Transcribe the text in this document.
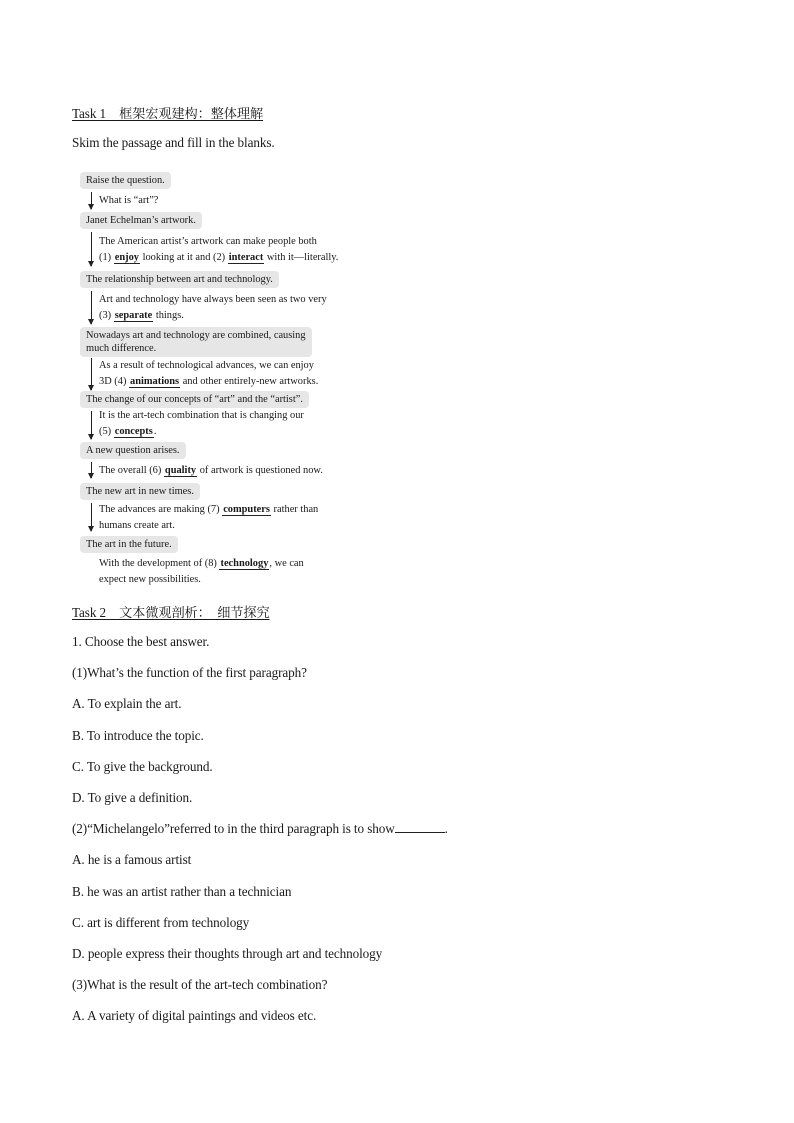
Task 1　框架宏观建构：整体理解
Skim the passage and fill in the blanks.
Raise the question.
What is “art”?
Janet Echelman’s artwork.
The American artist’s artwork can make people both
(1) enjoy looking at it and (2) interact with it—literally.
The relationship between art and technology.
Art and technology have always been seen as two very
(3) separate things.
Nowadays art and technology are combined, causing
much difference.
As a result of technological advances, we can enjoy
3D (4) animations and other entirely-new artworks.
The change of our concepts of “art” and the “artist”.
It is the art-tech combination that is changing our
(5) concepts.
A new question arises.
The overall (6) quality of artwork is questioned now.
The new art in new times.
The advances are making (7) computers rather than
humans create art.
The art in the future.
With the development of (8) technology, we can
expect new possibilities.
Task 2　文本微观剖析：　细节探究
1. Choose the best answer.
(1)What’s the function of the first paragraph?
A. To explain the art.
B. To introduce the topic.
C. To give the background.
D. To give a definition.
(2)“Michelangelo”referred to in the third paragraph is to show	.
A. he is a famous artist
B. he was an artist rather than a technician
C. art is different from technology
D. people express their thoughts through art and technology
(3)What is the result of the art-tech combination?
A. A variety of digital paintings and videos etc.
